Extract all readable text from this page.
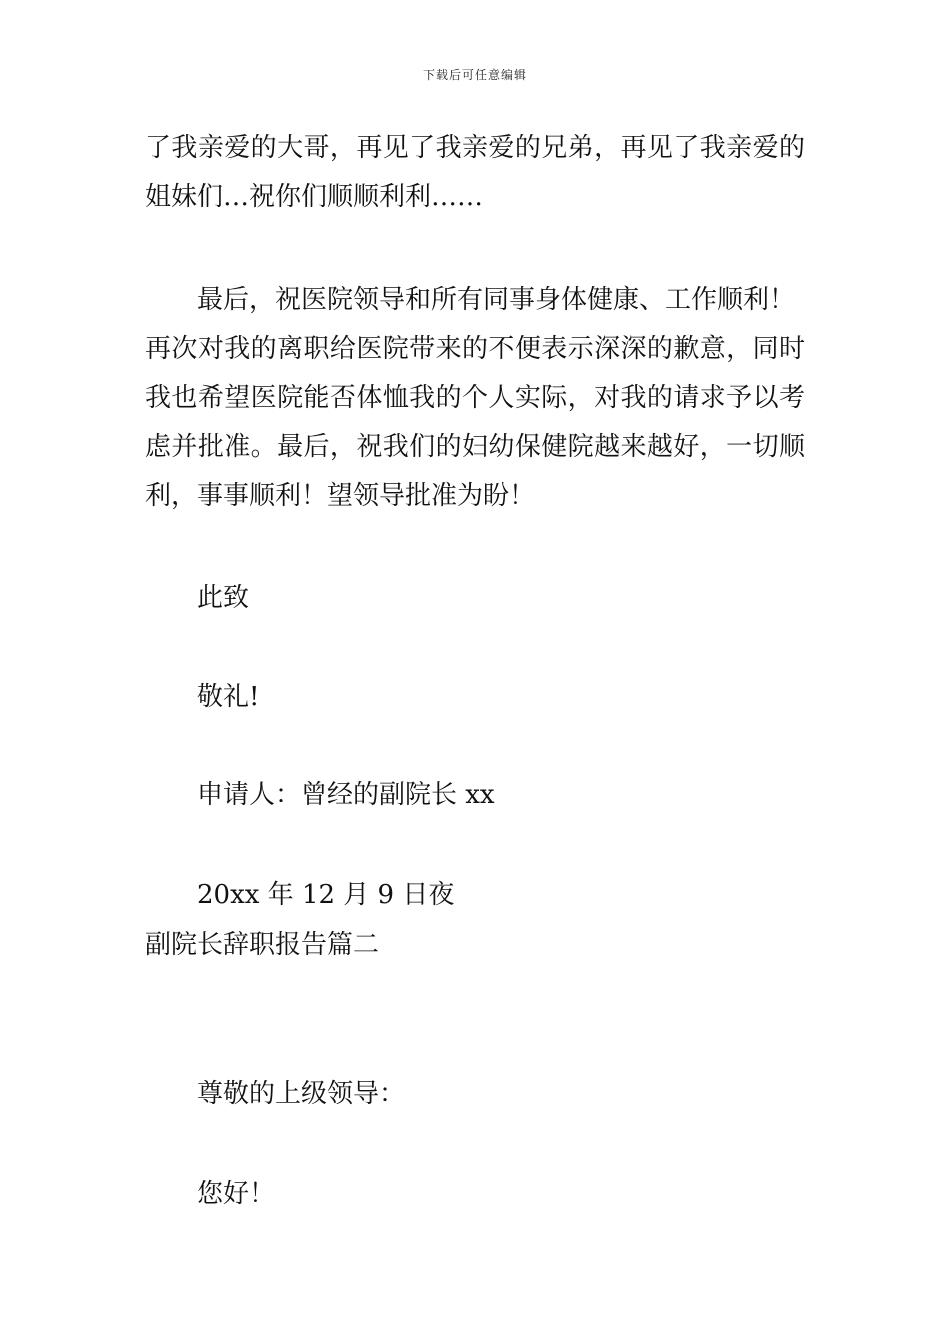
下载后可任意编辑
了我亲爱的大哥，再见了我亲爱的兄弟，再见了我亲爱的
姐妹们…祝你们顺顺利利……
最后，祝医院领导和所有同事身体健康、工作顺利！
再次对我的离职给医院带来的不便表示深深的歉意，同时
我也希望医院能否体恤我的个人实际，对我的请求予以考
虑并批准。最后，祝我们的妇幼保健院越来越好，一切顺
利，事事顺利！望领导批准为盼！
此致
敬礼!
申请人：曾经的副院长 xx
20xx 年 12 月 9 日夜
副院长辞职报告篇二
尊敬的上级领导：
您好！
